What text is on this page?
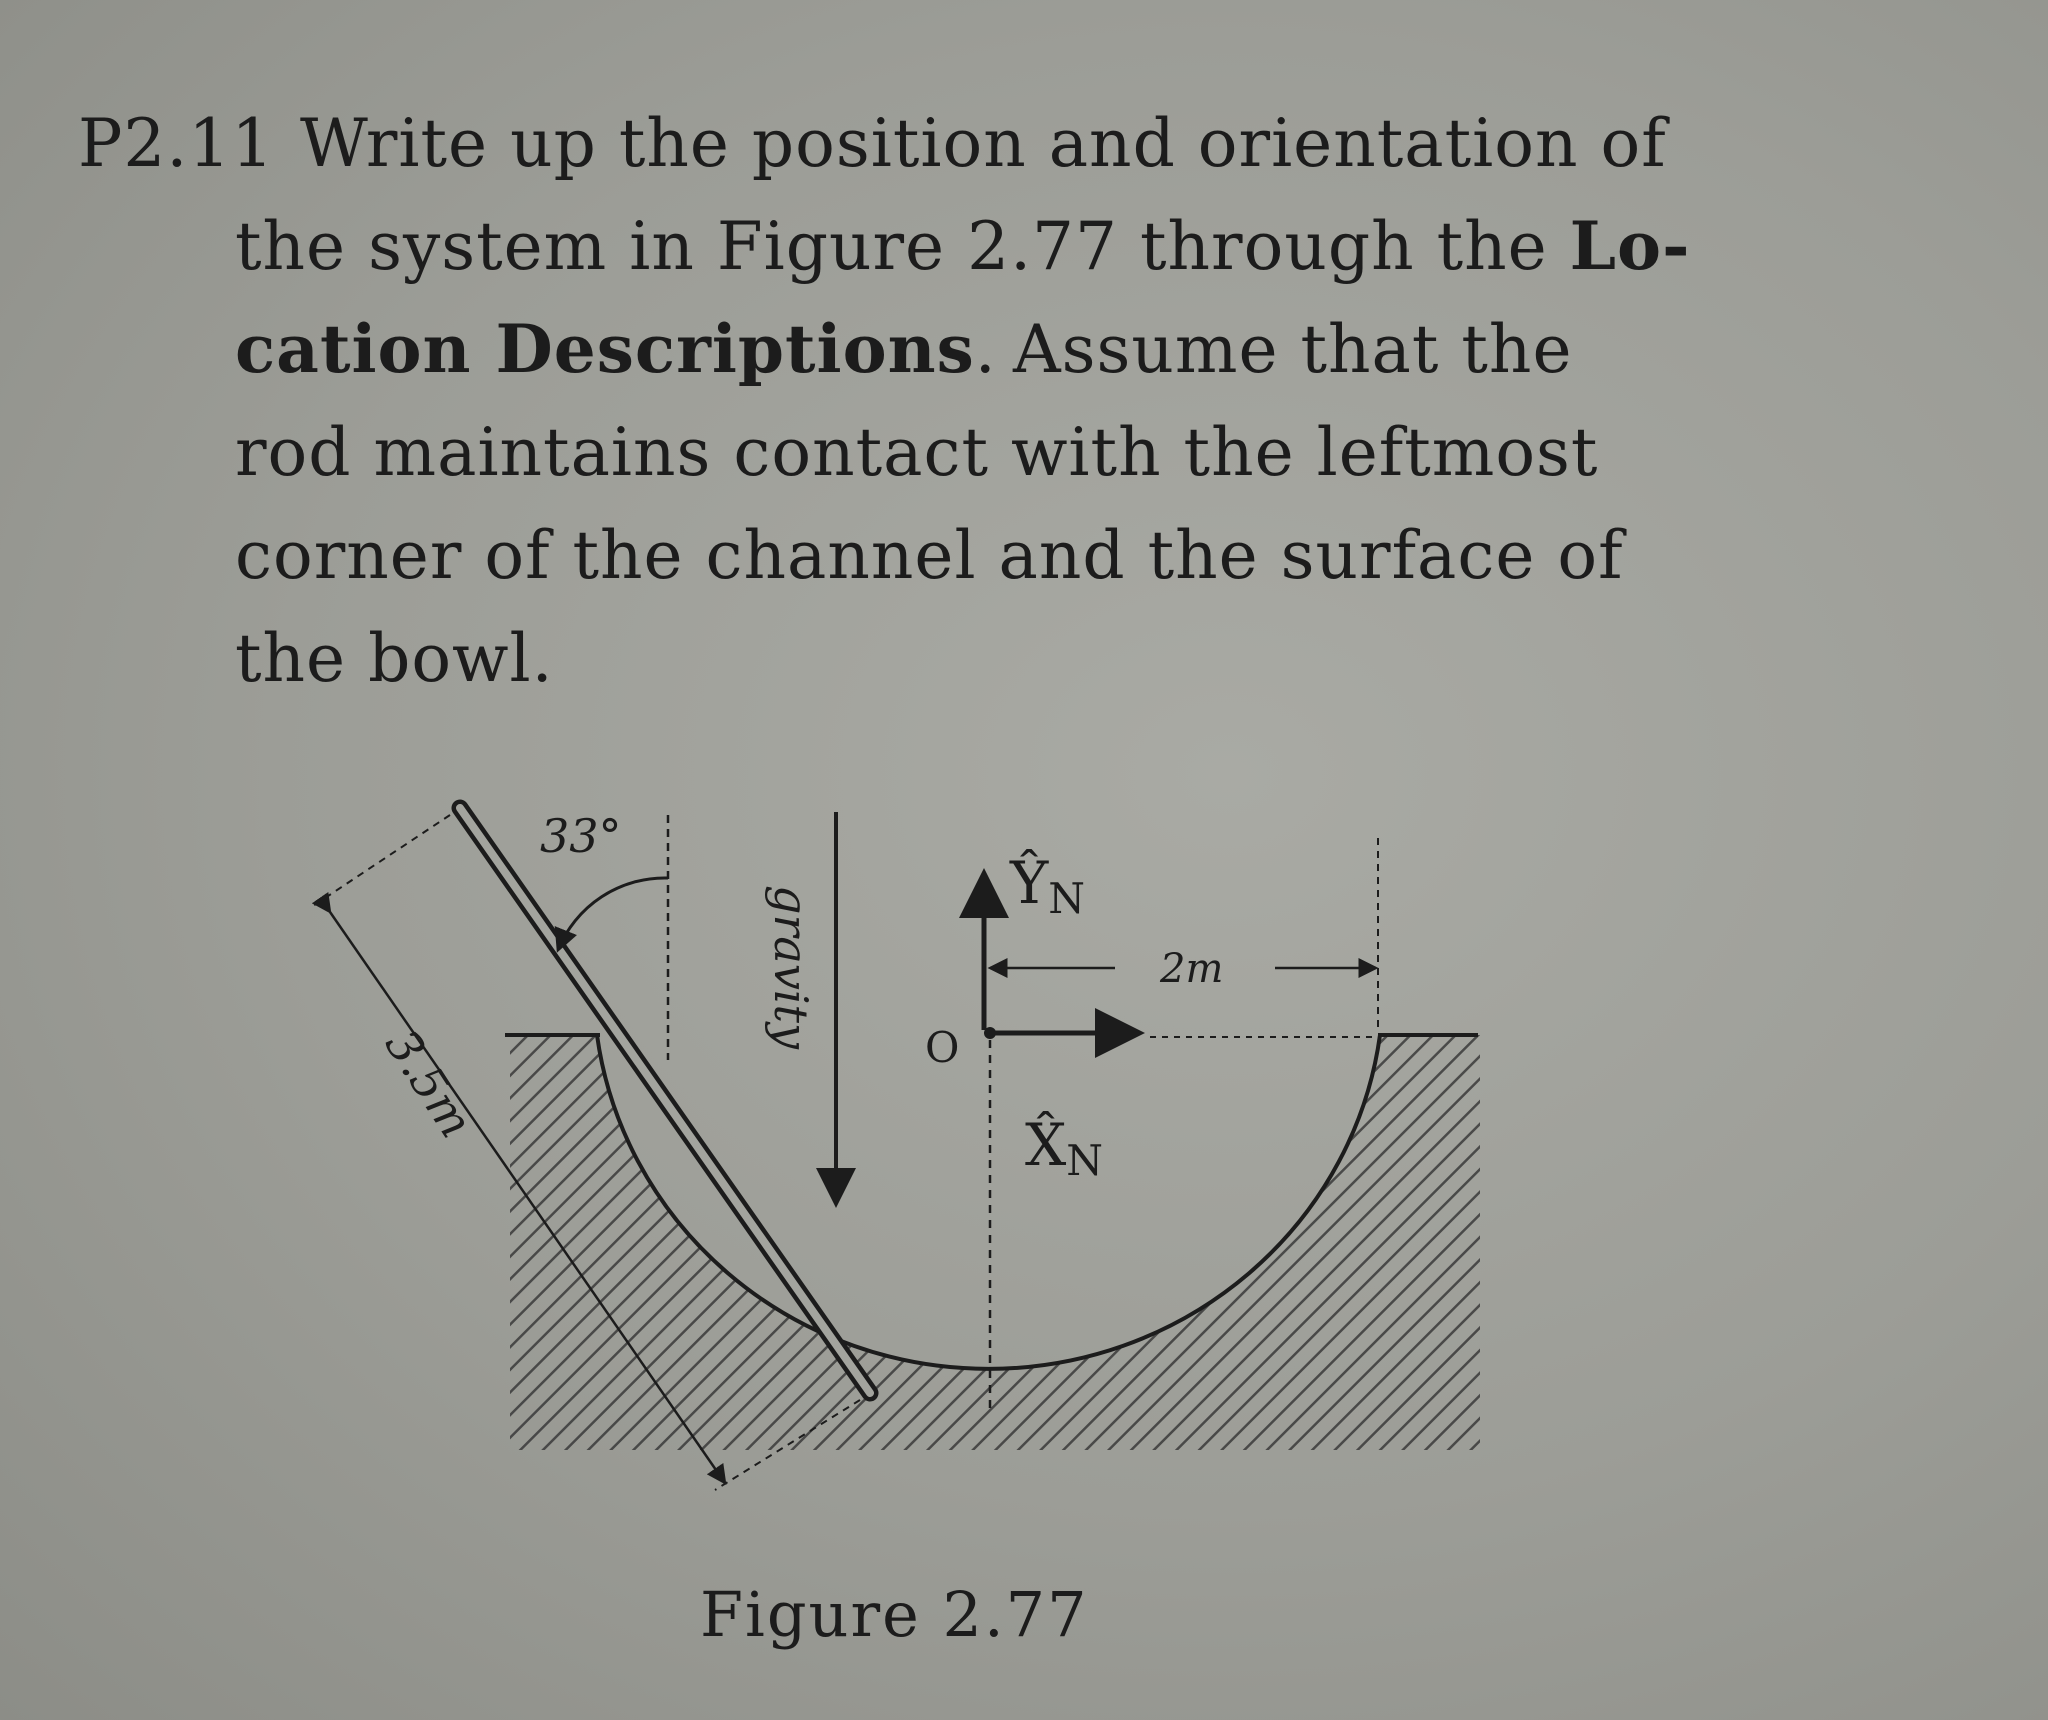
P2.11 Write up the position and orientation of
the system in Figure 2.77 through the Lo-
cation Descriptions. Assume that the
rod maintains contact with the leftmost
corner of the channel and the surface of
the bowl.
33°
3.5m
gravity	O
ŶN
X̂N
2m
Figure 2.77
